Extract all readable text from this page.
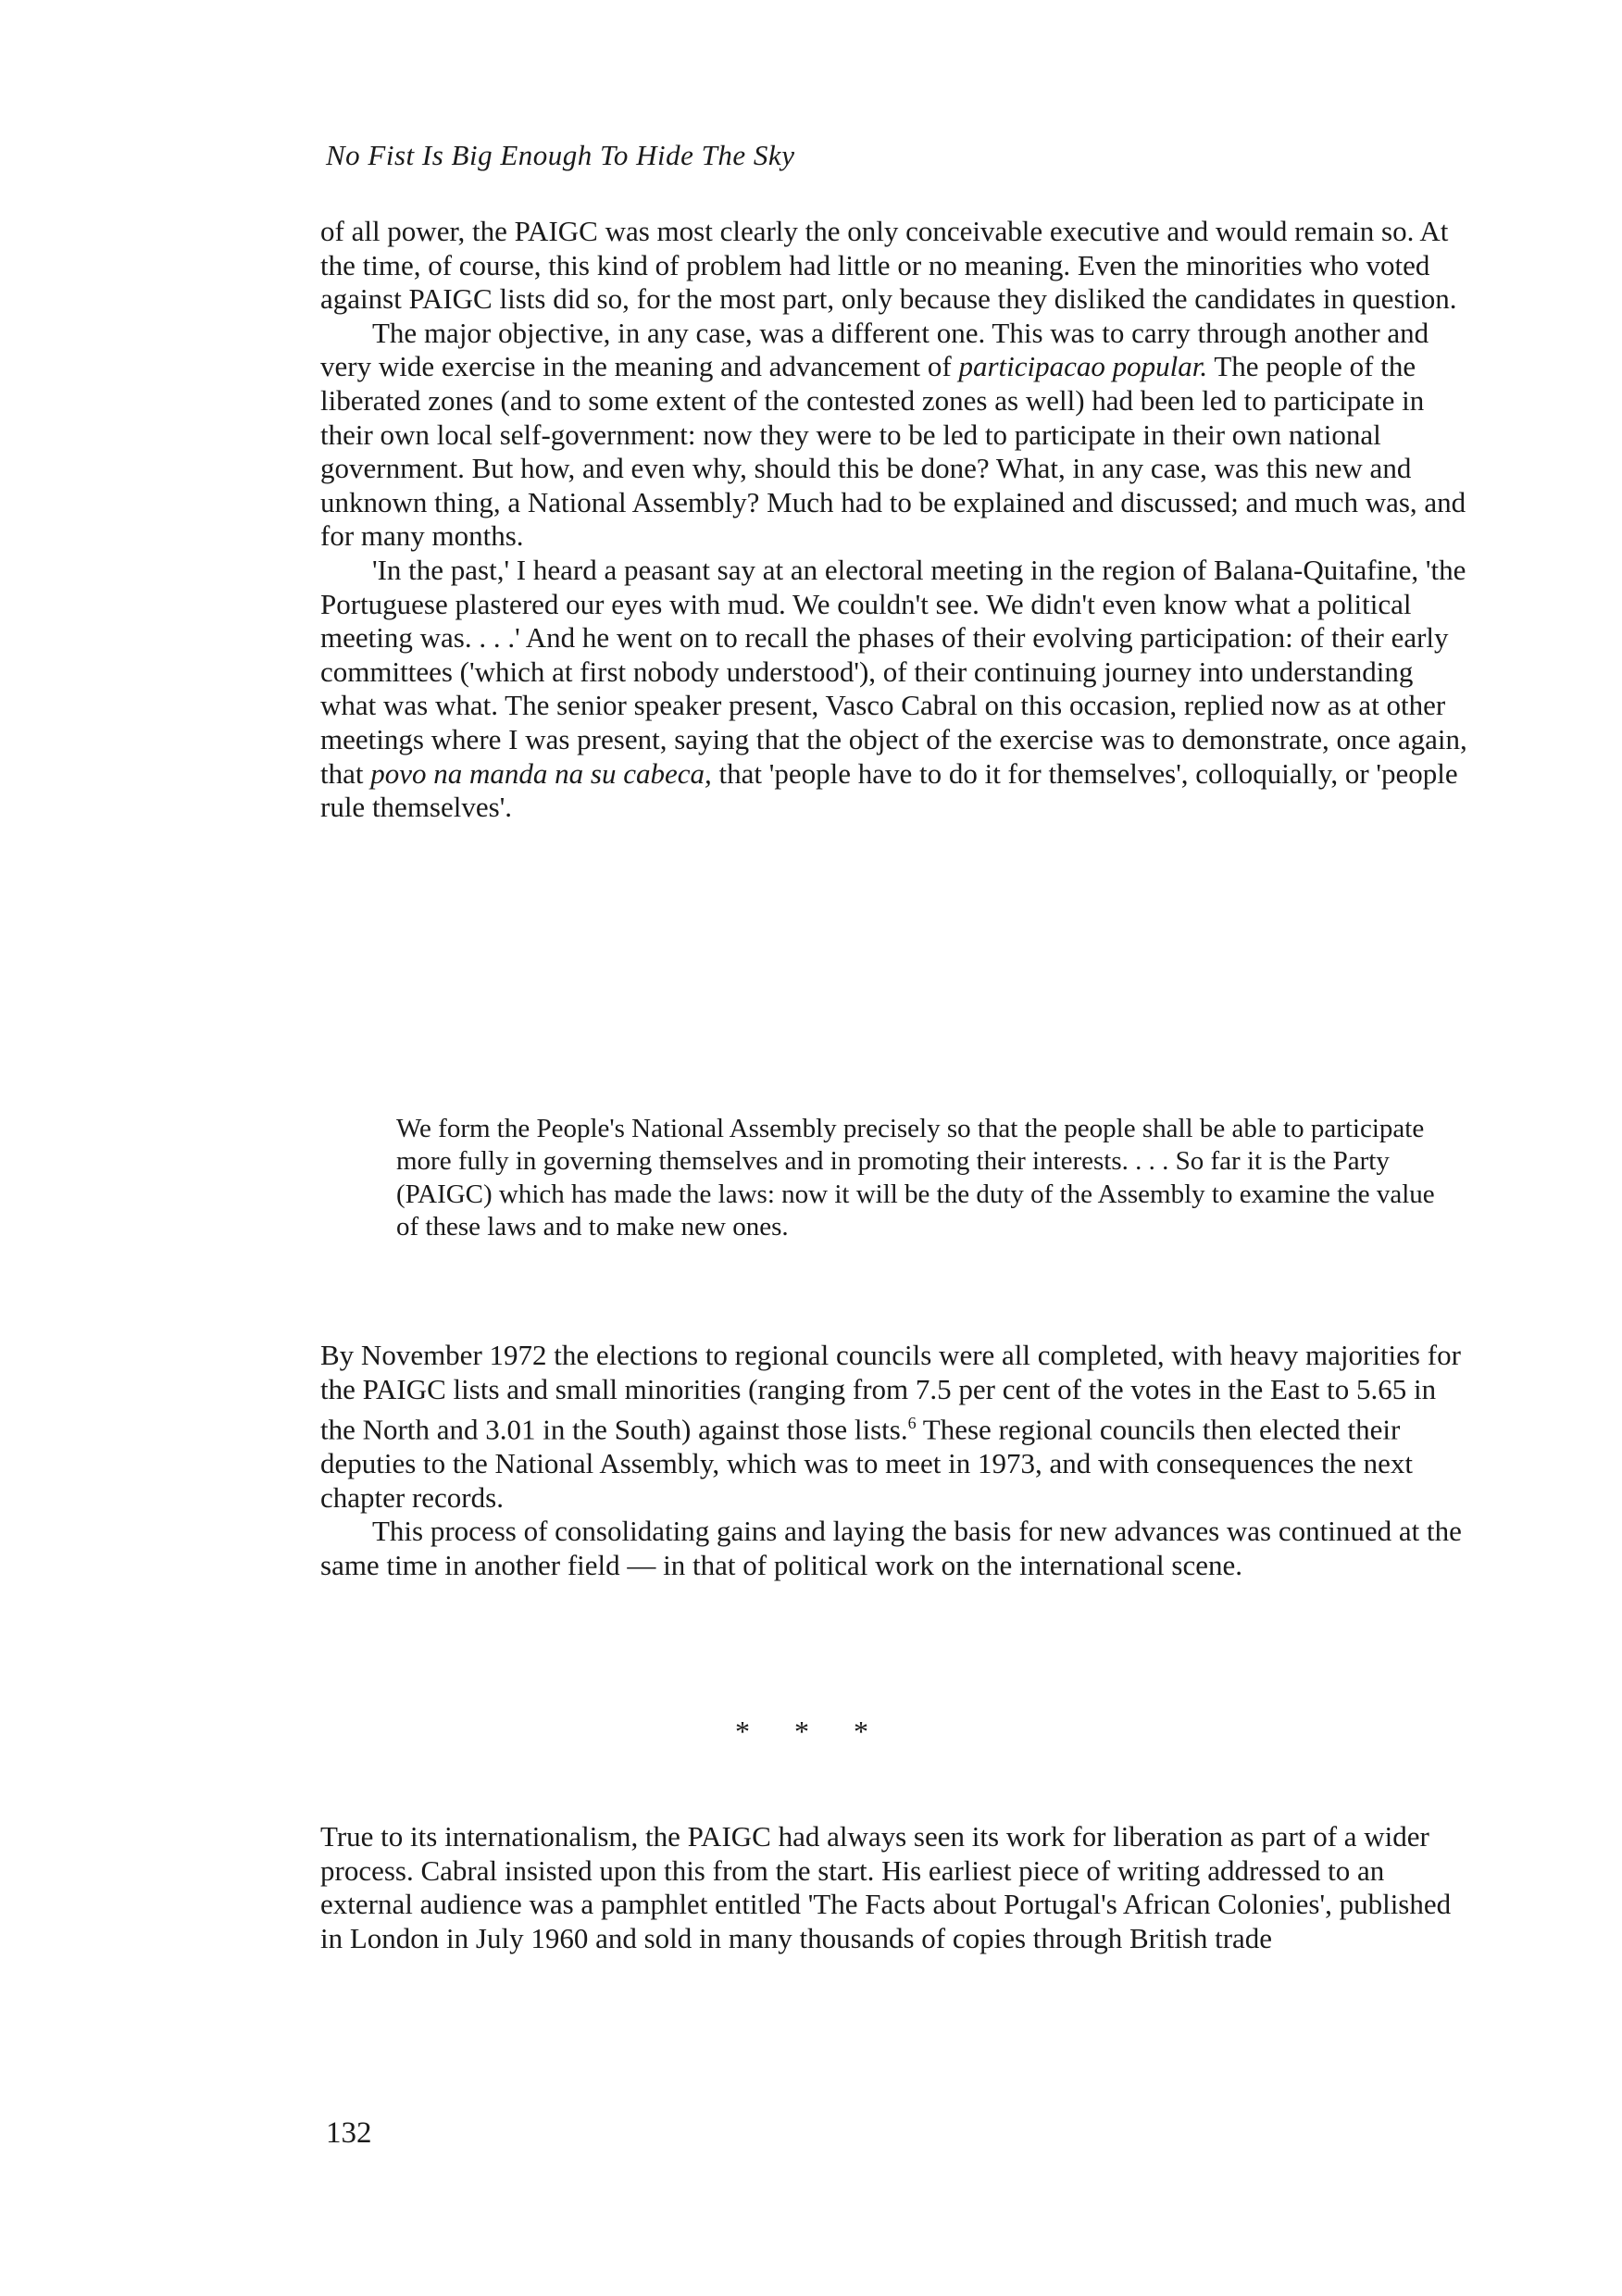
No Fist Is Big Enough To Hide The Sky

of all power, the PAIGC was most clearly the only conceivable executive and would remain so. At the time, of course, this kind of problem had little or no meaning. Even the minorities who voted against PAIGC lists did so, for the most part, only because they disliked the candidates in question.

The major objective, in any case, was a different one. This was to carry through another and very wide exercise in the meaning and advancement of participacao popular. The people of the liberated zones (and to some extent of the contested zones as well) had been led to participate in their own local self-government: now they were to be led to participate in their own national government. But how, and even why, should this be done? What, in any case, was this new and unknown thing, a National Assembly? Much had to be explained and discussed; and much was, and for many months.

'In the past,' I heard a peasant say at an electoral meeting in the region of Balana-Quitafine, 'the Portuguese plastered our eyes with mud. We couldn't see. We didn't even know what a political meeting was. . . .' And he went on to recall the phases of their evolving participation: of their early committees ('which at first nobody understood'), of their continuing journey into understanding what was what. The senior speaker present, Vasco Cabral on this occasion, replied now as at other meetings where I was present, saying that the object of the exercise was to demonstrate, once again, that povo na manda na su cabeca, that 'people have to do it for themselves', colloquially, or 'people rule themselves'.

We form the People's National Assembly precisely so that the people shall be able to participate more fully in governing themselves and in promoting their interests. . . . So far it is the Party (PAIGC) which has made the laws: now it will be the duty of the Assembly to examine the value of these laws and to make new ones.

By November 1972 the elections to regional councils were all completed, with heavy majorities for the PAIGC lists and small minorities (ranging from 7.5 per cent of the votes in the East to 5.65 in the North and 3.01 in the South) against those lists.$^6$ These regional councils then elected their deputies to the National Assembly, which was to meet in 1973, and with consequences the next chapter records.

This process of consolidating gains and laying the basis for new advances was continued at the same time in another field — in that of political work on the international scene.

* * *

True to its internationalism, the PAIGC had always seen its work for liberation as part of a wider process. Cabral insisted upon this from the start. His earliest piece of writing addressed to an external audience was a pamphlet entitled 'The Facts about Portugal's African Colonies', published in London in July 1960 and sold in many thousands of copies through British trade

132
